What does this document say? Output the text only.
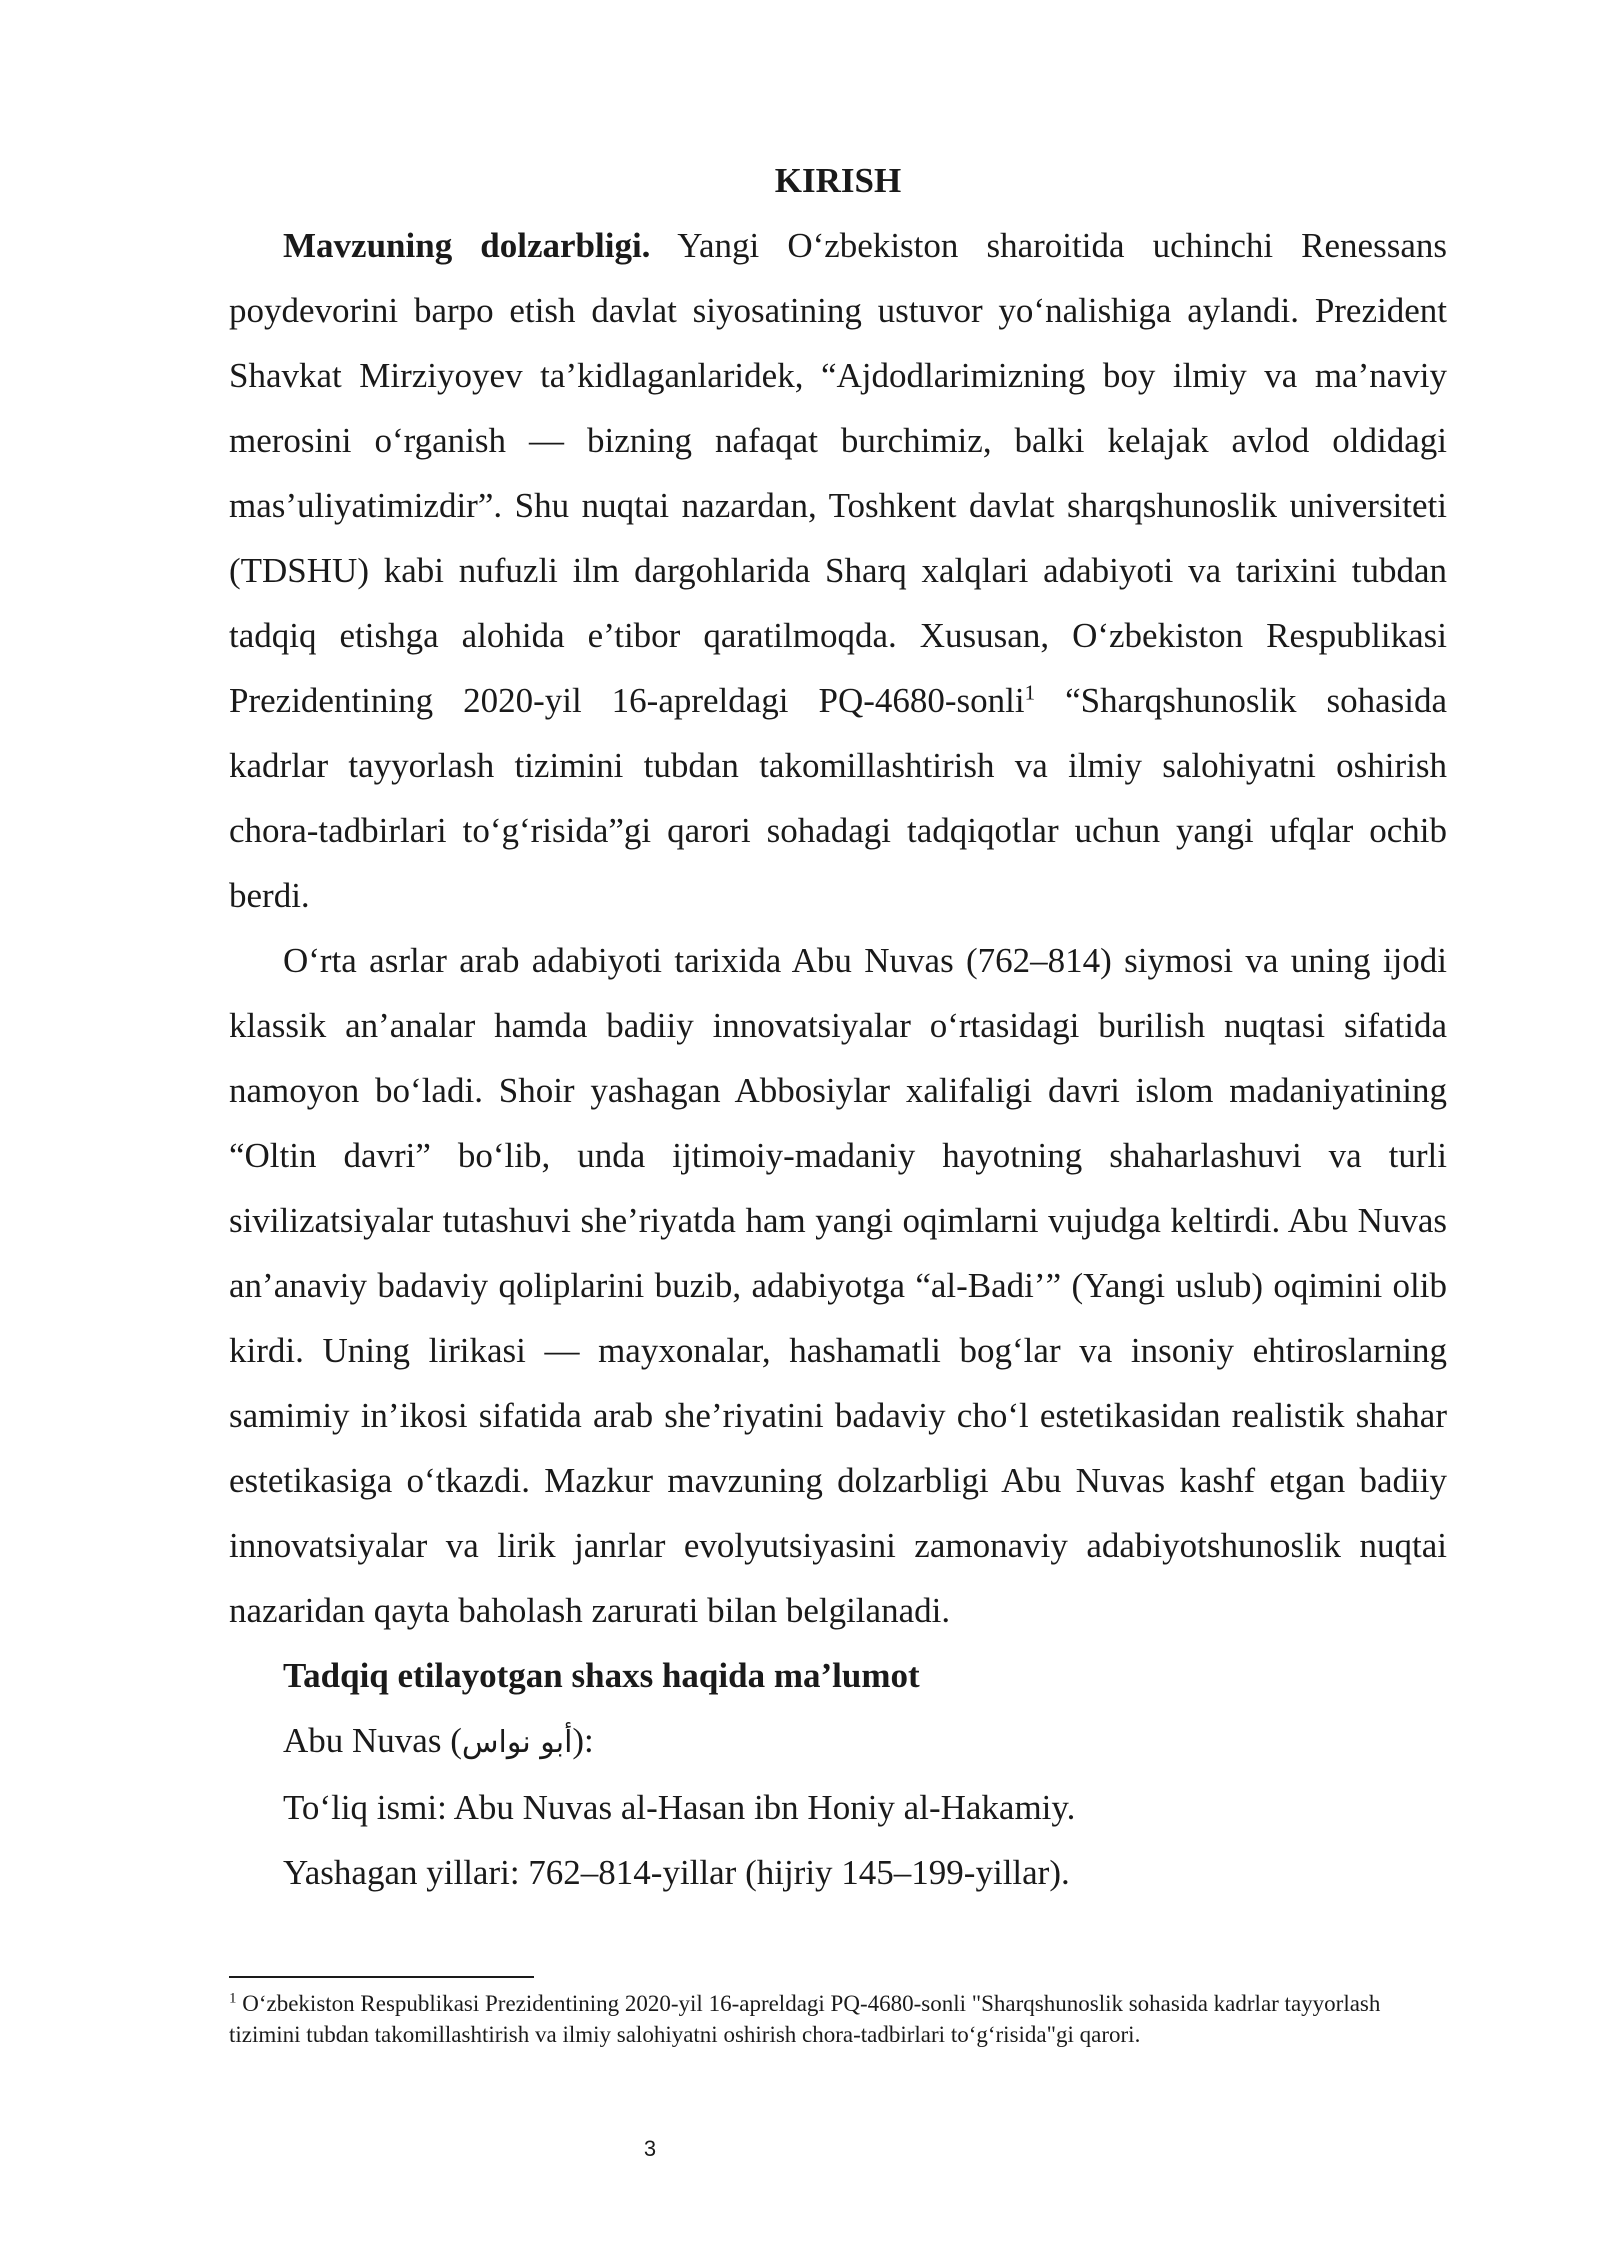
KIRISH

Mavzuning dolzarbligi. Yangi O‘zbekiston sharoitida uchinchi Renessans poydevorini barpo etish davlat siyosatining ustuvor yo‘nalishiga aylandi. Prezident Shavkat Mirziyoyev ta’kidlaganlaridek, “Ajdodlarimizning boy ilmiy va ma’naviy merosini o‘rganish — bizning nafaqat burchimiz, balki kelajak avlod oldidagi mas’uliyatimizdir”. Shu nuqtai nazardan, Toshkent davlat sharqshunoslik universiteti (TDSHU) kabi nufuzli ilm dargohlarida Sharq xalqlari adabiyoti va tarixini tubdan tadqiq etishga alohida e’tibor qaratilmoqda. Xususan, O‘zbekiston Respublikasi Prezidentining 2020-yil 16-apreldagi PQ-4680-sonli$^1$ “Sharqshunoslik sohasida kadrlar tayyorlash tizimini tubdan takomillashtirish va ilmiy salohiyatni oshirish chora-tadbirlari to‘g‘risida”gi qarori sohadagi tadqiqotlar uchun yangi ufqlar ochib berdi.

O‘rta asrlar arab adabiyoti tarixida Abu Nuvas (762–814) siymosi va uning ijodi klassik an’analar hamda badiiy innovatsiyalar o‘rtasidagi burilish nuqtasi sifatida namoyon bo‘ladi. Shoir yashagan Abbosiylar xalifaligi davri islom madaniyatining “Oltin davri” bo‘lib, unda ijtimoiy-madaniy hayotning shaharlashuvi va turli sivilizatsiyalar tutashuvi she’riyatda ham yangi oqimlarni vujudga keltirdi. Abu Nuvas an’anaviy badaviy qoliplarini buzib, adabiyotga “al-Badi’” (Yangi uslub) oqimini olib kirdi. Uning lirikasi — mayxonalar, hashamatli bog‘lar va insoniy ehtiroslarning samimiy in’ikosi sifatida arab she’riyatini badaviy cho‘l estetikasidan realistik shahar estetikasiga o‘tkazdi. Mazkur mavzuning dolzarbligi Abu Nuvas kashf etgan badiiy innovatsiyalar va lirik janrlar evolyutsiyasini zamonaviy adabiyotshunoslik nuqtai nazaridan qayta baholash zarurati bilan belgilanadi.

Tadqiq etilayotgan shaxs haqida ma’lumot

Abu Nuvas (أبو نواس):

To‘liq ismi: Abu Nuvas al-Hasan ibn Honiy al-Hakamiy.

Yashagan yillari: 762–814-yillar (hijriy 145–199-yillar).

$^1$ O‘zbekiston Respublikasi Prezidentining 2020-yil 16-apreldagi PQ-4680-sonli "Sharqshunoslik sohasida kadrlar tayyorlash tizimini tubdan takomillashtirish va ilmiy salohiyatni oshirish chora-tadbirlari to‘g‘risida"gi qarori.

3
